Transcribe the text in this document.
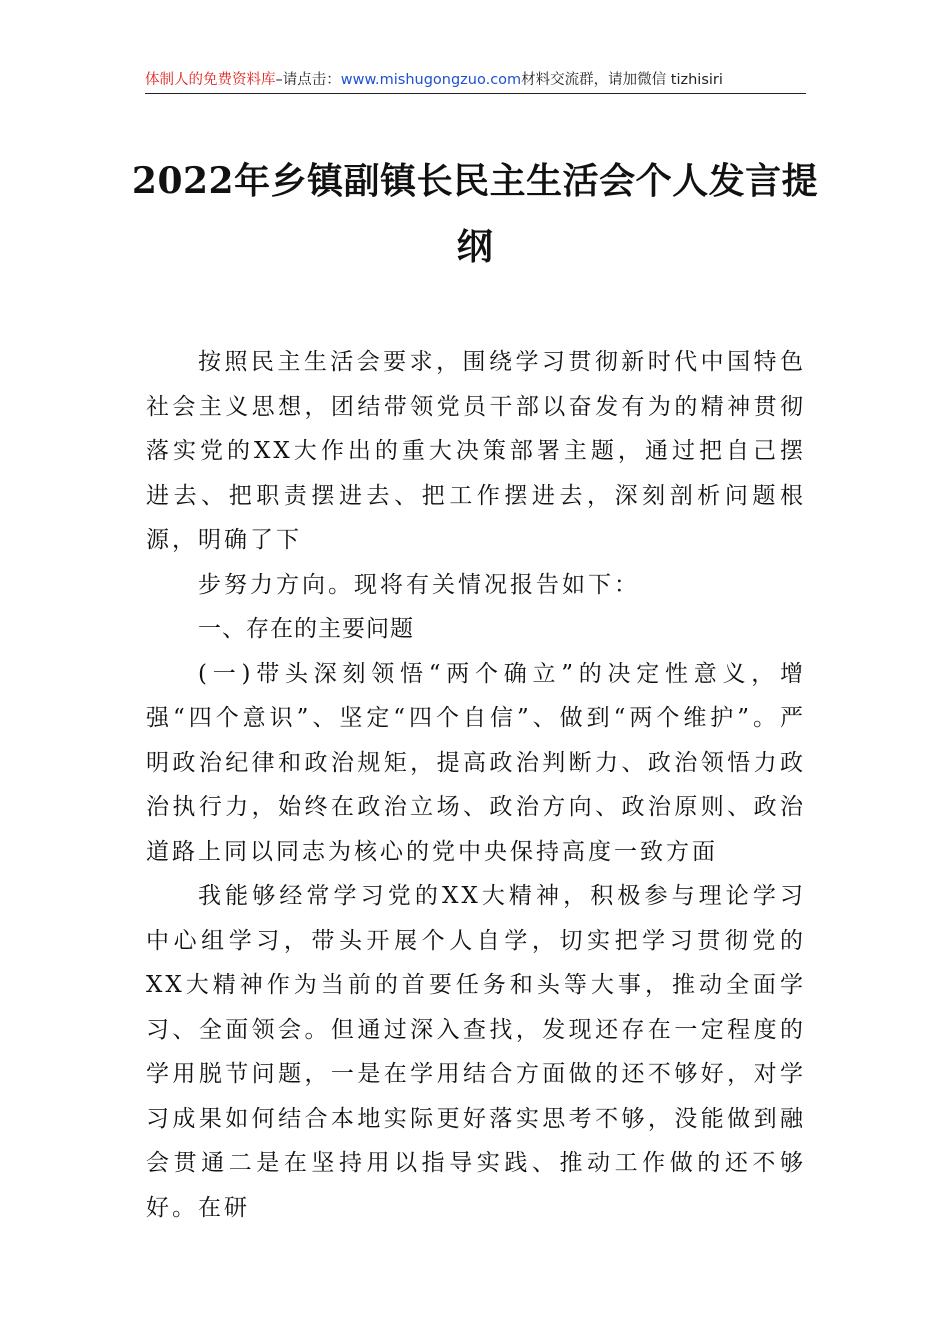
体制人的免费资料库–请点击：www.mishugongzuo.com材料交流群，请加微信 tizhisiri
2022年乡镇副镇长民主生活会个人发言提纲

按照民主生活会要求，围绕学习贯彻新时代中国特色社会主义思想，团结带领党员干部以奋发有为的精神贯彻落实党的XX大作出的重大决策部署主题，通过把自己摆进去、把职责摆进去、把工作摆进去，深刻剖析问题根源，明确了下

步努力方向。现将有关情况报告如下：

一、存在的主要问题

(一)带头深刻领悟“两个确立”的决定性意义，增强“四个意识”、坚定“四个自信”、做到“两个维护”。严明政治纪律和政治规矩，提高政治判断力、政治领悟力政治执行力，始终在政治立场、政治方向、政治原则、政治道路上同以同志为核心的党中央保持高度一致方面

我能够经常学习党的XX大精神，积极参与理论学习中心组学习，带头开展个人自学，切实把学习贯彻党的XX大精神作为当前的首要任务和头等大事，推动全面学习、全面领会。但通过深入查找，发现还存在一定程度的学用脱节问题，一是在学用结合方面做的还不够好，对学习成果如何结合本地实际更好落实思考不够，没能做到融会贯通二是在坚持用以指导实践、推动工作做的还不够好。在研
